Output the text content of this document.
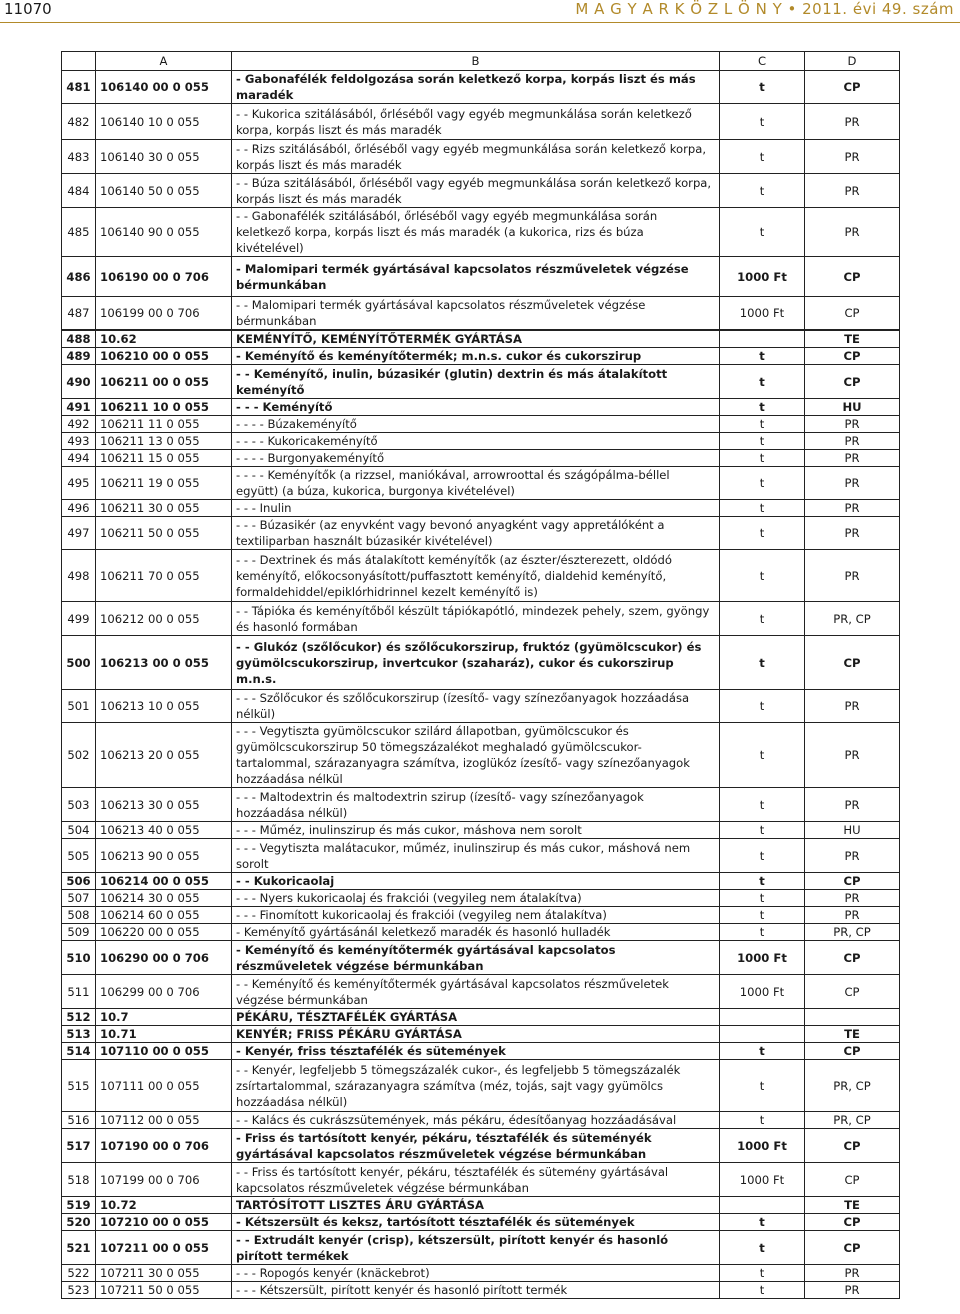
11070	M A G Y A R K Ö Z L Ö N Y • 2011. évi 49. szám
	A	B	C	D
481	106140 00 0 055	- Gabonafélék feldolgozása során keletkező korpa, korpás liszt és más maradék	t	CP
482	106140 10 0 055	- - Kukorica szitálásából, őrléséből vagy egyéb megmunkálása során keletkező korpa, korpás liszt és más maradék	t	PR
483	106140 30 0 055	- - Rizs szitálásából, őrléséből vagy egyéb megmunkálása során keletkező korpa, korpás liszt és más maradék	t	PR
484	106140 50 0 055	- - Búza szitálásából, őrléséből vagy egyéb megmunkálása során keletkező korpa, korpás liszt és más maradék	t	PR
485	106140 90 0 055	- - Gabonafélék szitálásából, őrléséből vagy egyéb megmunkálása során keletkező korpa, korpás liszt és más maradék (a kukorica, rizs és búza kivételével)	t	PR
486	106190 00 0 706	- Malomipari termék gyártásával kapcsolatos részműveletek végzése bérmunkában	1000 Ft	CP
487	106199 00 0 706	- - Malomipari termék gyártásával kapcsolatos részműveletek végzése bérmunkában	1000 Ft	CP
488	10.62	KEMÉNYÍTŐ, KEMÉNYÍTŐTERMÉK GYÁRTÁSA		TE
489	106210 00 0 055	- Keményítő és keményítőtermék; m.n.s. cukor és cukorszirup	t	CP
490	106211 00 0 055	- - Keményítő, inulin, búzasikér (glutin) dextrin és más átalakított keményítő	t	CP
491	106211 10 0 055	- - - Keményítő	t	HU
492	106211 11 0 055	- - - - Búzakeményítő	t	PR
493	106211 13 0 055	- - - - Kukoricakeményítő	t	PR
494	106211 15 0 055	- - - - Burgonyakeményítő	t	PR
495	106211 19 0 055	- - - - Keményítők (a rizzsel, maniókával, arrowroottal és szágópálma-béllel együtt) (a búza, kukorica, burgonya kivételével)	t	PR
496	106211 30 0 055	- - - Inulin	t	PR
497	106211 50 0 055	- - - Búzasikér (az enyvként vagy bevonó anyagként vagy appretálóként a textiliparban használt búzasikér kivételével)	t	PR
498	106211 70 0 055	- - - Dextrinek és más átalakított keményítők (az észter/észterezett, oldódó keményítő, előkocsonyásított/puffasztott keményítő, dialdehid keményítő, formaldehiddel/epiklórhidrinnel kezelt keményítő is)	t	PR
499	106212 00 0 055	- - Tápióka és keményítőből készült tápiókapótló, mindezek pehely, szem, gyöngy és hasonló formában	t	PR, CP
500	106213 00 0 055	- - Glukóz (szőlőcukor) és szőlőcukorszirup, fruktóz (gyümölcscukor) és gyümölcscukorszirup, invertcukor (szaharáz), cukor és cukorszirup m.n.s.	t	CP
501	106213 10 0 055	- - - Szőlőcukor és szőlőcukorszirup (ízesítő- vagy színezőanyagok hozzáadása nélkül)	t	PR
502	106213 20 0 055	- - - Vegytiszta gyümölcscukor szilárd állapotban, gyümölcscukor és gyümölcscukorszirup 50 tömegszázalékot meghaladó gyümölcscukor-tartalommal, szárazanyagra számítva, izoglükóz ízesítő- vagy színezőanyagok hozzáadása nélkül	t	PR
503	106213 30 0 055	- - - Maltodextrin és maltodextrin szirup (ízesítő- vagy színezőanyagok hozzáadása nélkül)	t	PR
504	106213 40 0 055	- - - Műméz, inulinszirup és más cukor, máshova nem sorolt	t	HU
505	106213 90 0 055	- - - Vegytiszta malátacukor, műméz, inulinszirup és más cukor, máshová nem sorolt	t	PR
506	106214 00 0 055	- - Kukoricaolaj	t	CP
507	106214 30 0 055	- - - Nyers kukoricaolaj és frakciói (vegyileg nem átalakítva)	t	PR
508	106214 60 0 055	- - - Finomított kukoricaolaj és frakciói (vegyileg nem átalakítva)	t	PR
509	106220 00 0 055	- Keményítő gyártásánál keletkező maradék és hasonló hulladék	t	PR, CP
510	106290 00 0 706	- Keményítő és keményítőtermék gyártásával kapcsolatos részműveletek végzése bérmunkában	1000 Ft	CP
511	106299 00 0 706	- - Keményítő és keményítőtermék gyártásával kapcsolatos részműveletek végzése bérmunkában	1000 Ft	CP
512	10.7	PÉKÁRU, TÉSZTAFÉLÉK GYÁRTÁSA		
513	10.71	KENYÉR; FRISS PÉKÁRU GYÁRTÁSA		TE
514	107110 00 0 055	- Kenyér, friss tésztafélék és sütemények	t	CP
515	107111 00 0 055	- - Kenyér, legfeljebb 5 tömegszázalék cukor-, és legfeljebb 5 tömegszázalék zsírtartalommal, szárazanyagra számítva (méz, tojás, sajt vagy gyümölcs hozzáadása nélkül)	t	PR, CP
516	107112 00 0 055	- - Kalács és cukrászsütemények, más pékáru, édesítőanyag hozzáadásával	t	PR, CP
517	107190 00 0 706	- Friss és tartósított kenyér, pékáru, tésztafélék és süteményék gyártásával kapcsolatos részműveletek végzése bérmunkában	1000 Ft	CP
518	107199 00 0 706	- - Friss és tartósított kenyér, pékáru, tésztafélék és sütemény gyártásával kapcsolatos részműveletek végzése bérmunkában	1000 Ft	CP
519	10.72	TARTÓSÍTOTT LISZTES ÁRU GYÁRTÁSA		TE
520	107210 00 0 055	- Kétszersült és keksz, tartósított tésztafélék és sütemények	t	CP
521	107211 00 0 055	- - Extrudált kenyér (crisp), kétszersült, pirított kenyér és hasonló pirított termékek	t	CP
522	107211 30 0 055	- - - Ropogós kenyér (knäckebrot)	t	PR
523	107211 50 0 055	- - - Kétszersült, pirított kenyér és hasonló pirított termék	t	PR
